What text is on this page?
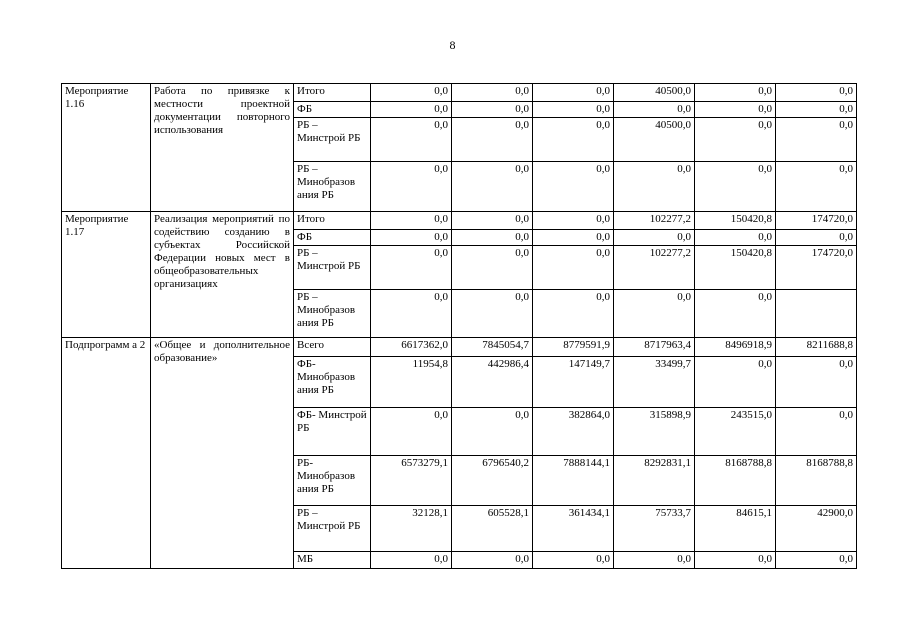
8
Мероприятие 1.16	Работа по привязке к местности проектной документации повторного использования	Итого	0,0	0,0	0,0	40500,0	0,0	0,0
		ФБ	0,0	0,0	0,0	0,0	0,0	0,0
		РБ – Минстрой РБ	0,0	0,0	0,0	40500,0	0,0	0,0
		РБ – Минобразов ания РБ	0,0	0,0	0,0	0,0	0,0	0,0
Мероприятие 1.17	Реализация мероприятий по содействию созданию в субъектах Российской Федерации новых мест в общеобразовательных организациях	Итого	0,0	0,0	0,0	102277,2	150420,8	174720,0
		ФБ	0,0	0,0	0,0	0,0	0,0	0,0
		РБ – Минстрой РБ	0,0	0,0	0,0	102277,2	150420,8	174720,0
		РБ – Минобразов ания РБ	0,0	0,0	0,0	0,0	0,0	
Подпрограмм а 2	«Общее и дополнительное образование»	Всего	6617362,0	7845054,7	8779591,9	8717963,4	8496918,9	8211688,8
		ФБ- Минобразов ания РБ	11954,8	442986,4	147149,7	33499,7	0,0	0,0
		ФБ- Минстрой РБ	0,0	0,0	382864,0	315898,9	243515,0	0,0
		РБ- Минобразов ания РБ	6573279,1	6796540,2	7888144,1	8292831,1	8168788,8	8168788,8
		РБ – Минстрой РБ	32128,1	605528,1	361434,1	75733,7	84615,1	42900,0
		МБ	0,0	0,0	0,0	0,0	0,0	0,0
